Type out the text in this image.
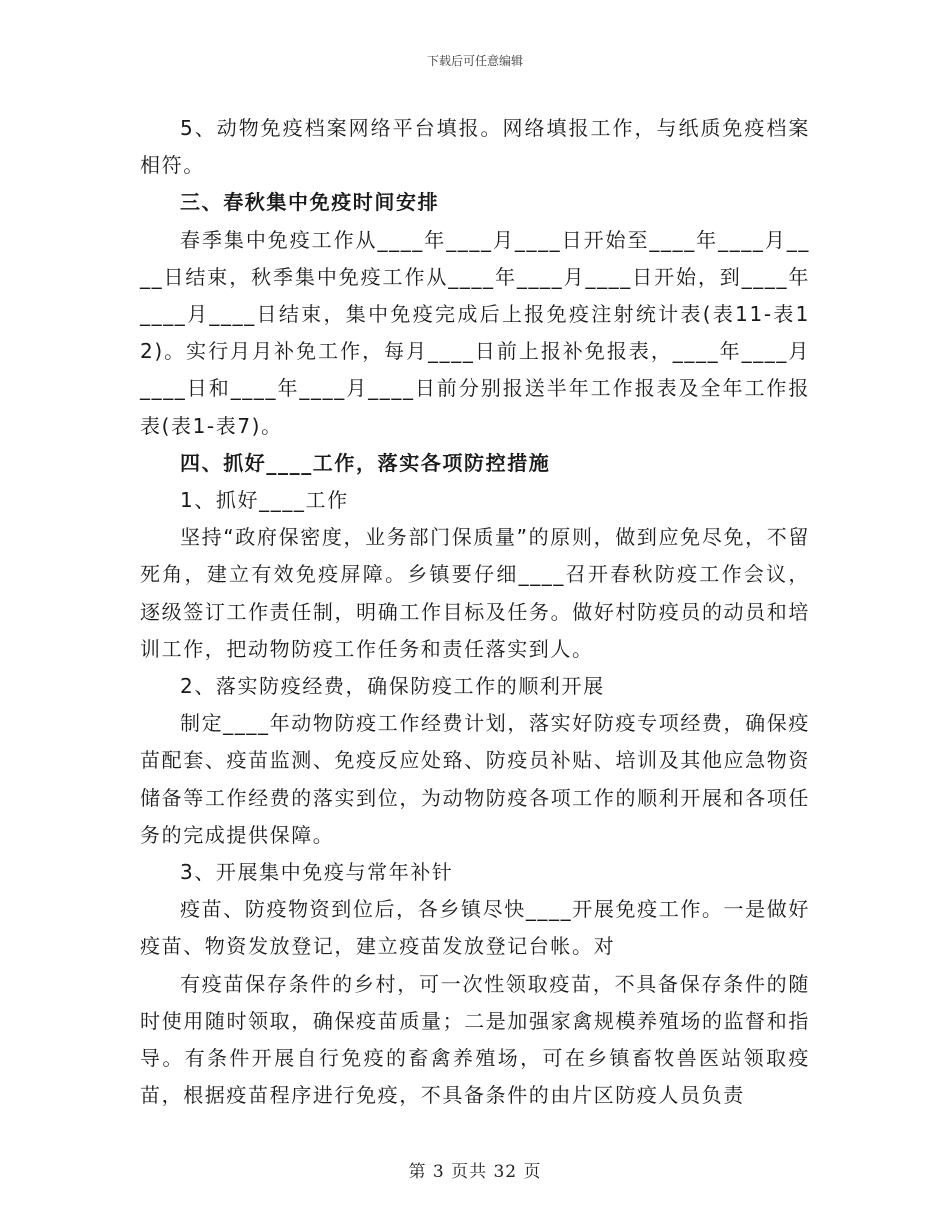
下载后可任意编辑

5、动物免疫档案网络平台填报。网络填报工作，与纸质免疫档案相符。

三、春秋集中免疫时间安排

春季集中免疫工作从____年____月____日开始至____年____月____日结束，秋季集中免疫工作从____年____月____日开始，到____年____月____日结束，集中免疫完成后上报免疫注射统计表(表11-表12)。实行月月补免工作，每月____日前上报补免报表，____年____月____日和____年____月____日前分别报送半年工作报表及全年工作报表(表1-表7)。

四、抓好____工作，落实各项防控措施

1、抓好____工作

坚持“政府保密度，业务部门保质量”的原则，做到应免尽免，不留死角，建立有效免疫屏障。乡镇要仔细____召开春秋防疫工作会议，逐级签订工作责任制，明确工作目标及任务。做好村防疫员的动员和培训工作，把动物防疫工作任务和责任落实到人。

2、落实防疫经费，确保防疫工作的顺利开展

制定____年动物防疫工作经费计划，落实好防疫专项经费，确保疫苗配套、疫苗监测、免疫反应处臵、防疫员补贴、培训及其他应急物资储备等工作经费的落实到位，为动物防疫各项工作的顺利开展和各项任务的完成提供保障。

3、开展集中免疫与常年补针

疫苗、防疫物资到位后，各乡镇尽快____开展免疫工作。一是做好疫苗、物资发放登记，建立疫苗发放登记台帐。对

有疫苗保存条件的乡村，可一次性领取疫苗，不具备保存条件的随时使用随时领取，确保疫苗质量；二是加强家禽规模养殖场的监督和指导。有条件开展自行免疫的畜禽养殖场，可在乡镇畜牧兽医站领取疫苗，根据疫苗程序进行免疫，不具备条件的由片区防疫人员负责

第 3 页共 32 页
